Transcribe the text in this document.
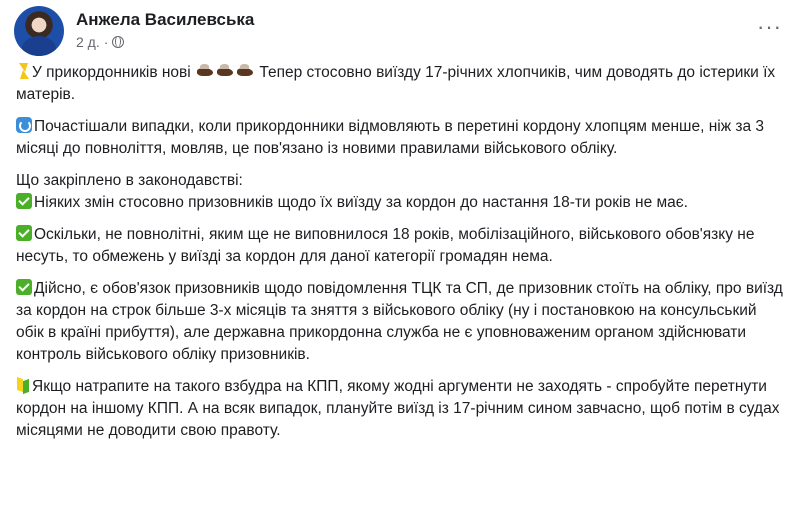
Анжела Василевська
2 д. ·
···

У прикордонників нові	Тепер стосовно виїзду 17-річних хлопчиків, чим доводять до істерики їх матерів.

Почастішали випадки, коли прикордонники відмовляють в перетині кордону хлопцям менше, ніж за 3 місяці до повноліття, мовляв, це пов'язано із новими правилами військового обліку.

Що закріплено в законодавстві:
Ніяких змін стосовно призовників щодо їх виїзду за кордон до настання 18-ти років не має.

Оскільки, не повнолітні, яким ще не виповнилося 18 років, мобілізаційного, військового обов'язку не несуть, то обмежень у виїзді за кордон для даної категорії громадян нема.

Дійсно, є обов'язок призовників щодо повідомлення ТЦК та СП, де призовник стоїть на обліку, про виїзд за кордон на строк більше 3-х місяців та зняття з військового обліку (ну і постановкою на консульський обік в країні прибуття), але державна прикордонна служба не є уповноваженим органом здійснювати контроль військового обліку призовників.

Якщо натрапите на такого взбудра на КПП, якому жодні аргументи не заходять - спробуйте перетнути кордон на іншому КПП. А на всяк випадок, плануйте виїзд із 17-річним сином завчасно, щоб потім в судах місяцями не доводити свою правоту.
